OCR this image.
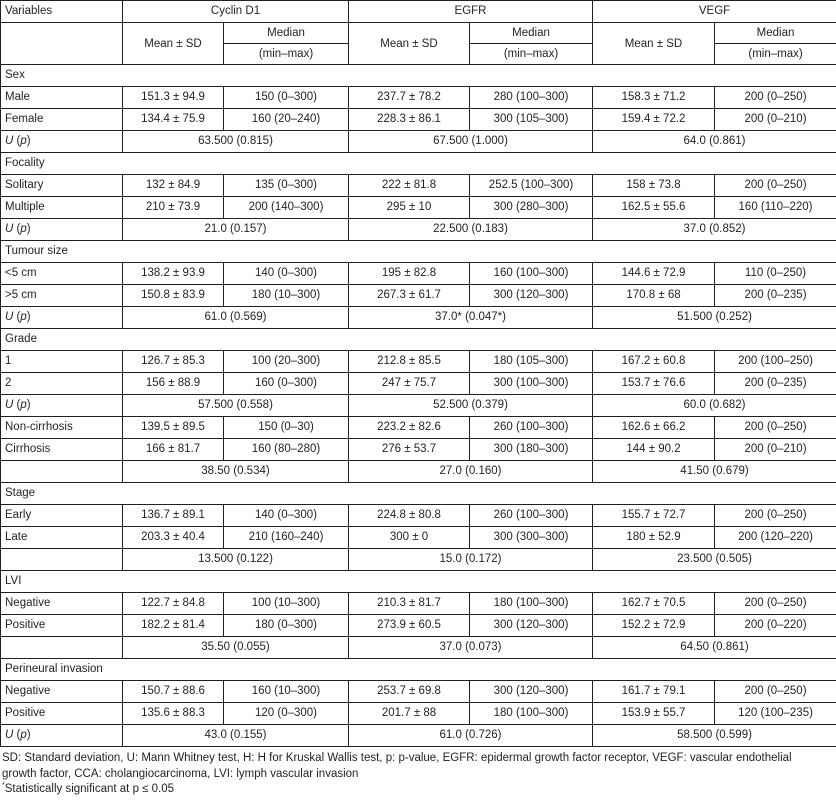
Variables	Cyclin D1		EGFR		VEGF	
	Mean ± SD	Median	Mean ± SD	Median	Mean ± SD	Median
		(min–max)		(min–max)		(min–max)
Sex						
Male	151.3 ± 94.9	150 (0–300)	237.7 ± 78.2	280 (100–300)	158.3 ± 71.2	200 (0–250)
Female	134.4 ± 75.9	160 (20–240)	228.3 ± 86.1	300 (105–300)	159.4 ± 72.2	200 (0–210)
U (p)	63.500 (0.815)		67.500 (1.000)		64.0 (0.861)	
Focality						
Solitary	132 ± 84.9	135 (0–300)	222 ± 81.8	252.5 (100–300)	158 ± 73.8	200 (0–250)
Multiple	210 ± 73.9	200 (140–300)	295 ± 10	300 (280–300)	162.5 ± 55.6	160 (110–220)
U (p)	21.0 (0.157)		22.500 (0.183)		37.0 (0.852)	
Tumour size						
<5 cm	138.2 ± 93.9	140 (0–300)	195 ± 82.8	160 (100–300)	144.6 ± 72.9	110 (0–250)
>5 cm	150.8 ± 83.9	180 (10–300)	267.3 ± 61.7	300 (120–300)	170.8 ± 68	200 (0–235)
U (p)	61.0 (0.569)		37.0* (0.047*)		51.500 (0.252)	
Grade						
1	126.7 ± 85.3	100 (20–300)	212.8 ± 85.5	180 (105–300)	167.2 ± 60.8	200 (100–250)
2	156 ± 88.9	160 (0–300)	247 ± 75.7	300 (100–300)	153.7 ± 76.6	200 (0–235)
U (p)	57.500 (0.558)		52.500 (0.379)		60.0 (0.682)	
Non-cirrhosis	139.5 ± 89.5	150 (0–30)	223.2 ± 82.6	260 (100–300)	162.6 ± 66.2	200 (0–250)
Cirrhosis	166 ± 81.7	160 (80–280)	276 ± 53.7	300 (180–300)	144 ± 90.2	200 (0–210)
	38.50 (0.534)		27.0 (0.160)		41.50 (0.679)	
Stage						
Early	136.7 ± 89.1	140 (0–300)	224.8 ± 80.8	260 (100–300)	155.7 ± 72.7	200 (0–250)
Late	203.3 ± 40.4	210 (160–240)	300 ± 0	300 (300–300)	180 ± 52.9	200 (120–220)
	13.500 (0.122)		15.0 (0.172)		23.500 (0.505)	
LVI						
Negative	122.7 ± 84.8	100 (10–300)	210.3 ± 81.7	180 (100–300)	162.7 ± 70.5	200 (0–250)
Positive	182.2 ± 81.4	180 (0–300)	273.9 ± 60.5	300 (120–300)	152.2 ± 72.9	200 (0–220)
	35.50 (0.055)		37.0 (0.073)		64.50 (0.861)	
Perineural invasion						
Negative	150.7 ± 88.6	160 (10–300)	253.7 ± 69.8	300 (120–300)	161.7 ± 79.1	200 (0–250)
Positive	135.6 ± 88.3	120 (0–300)	201.7 ± 88	180 (100–300)	153.9 ± 55.7	120 (100–235)
U (p)	43.0 (0.155)		61.0 (0.726)		58.500 (0.599)	

SD: Standard deviation, U: Mann Whitney test, H: H for Kruskal Wallis test, p: p-value, EGFR: epidermal growth factor receptor, VEGF: vascular endothelial

growth factor, CCA: cholangiocarcinoma, LVI: lymph vascular invasion

*Statistically significant at p ≤ 0.05
